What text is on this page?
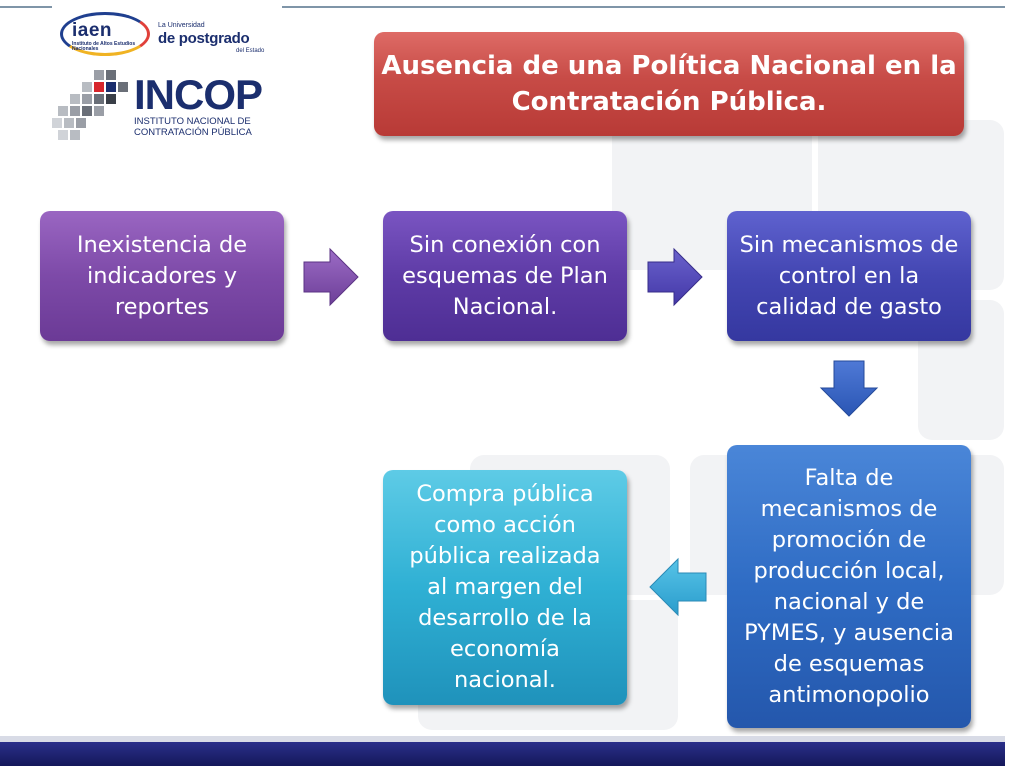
iaen
Instituto de Altos Estudios Nacionales
La Universidad
de postgrado
del Estado
INCOP
INSTITUTO NACIONAL DE
CONTRATACIÓN PÚBLICA
Ausencia de una Política Nacional en la
Contratación Pública.
Inexistencia de
indicadores y
reportes
Sin conexión con
esquemas de Plan
Nacional.
Sin mecanismos de
control en la
calidad de gasto
Falta de
mecanismos de
promoción de
producción local,
nacional y de
PYMES, y ausencia
de esquemas
antimonopolio
Compra pública
como acción
pública realizada
al margen del
desarrollo de la
economía
nacional.
